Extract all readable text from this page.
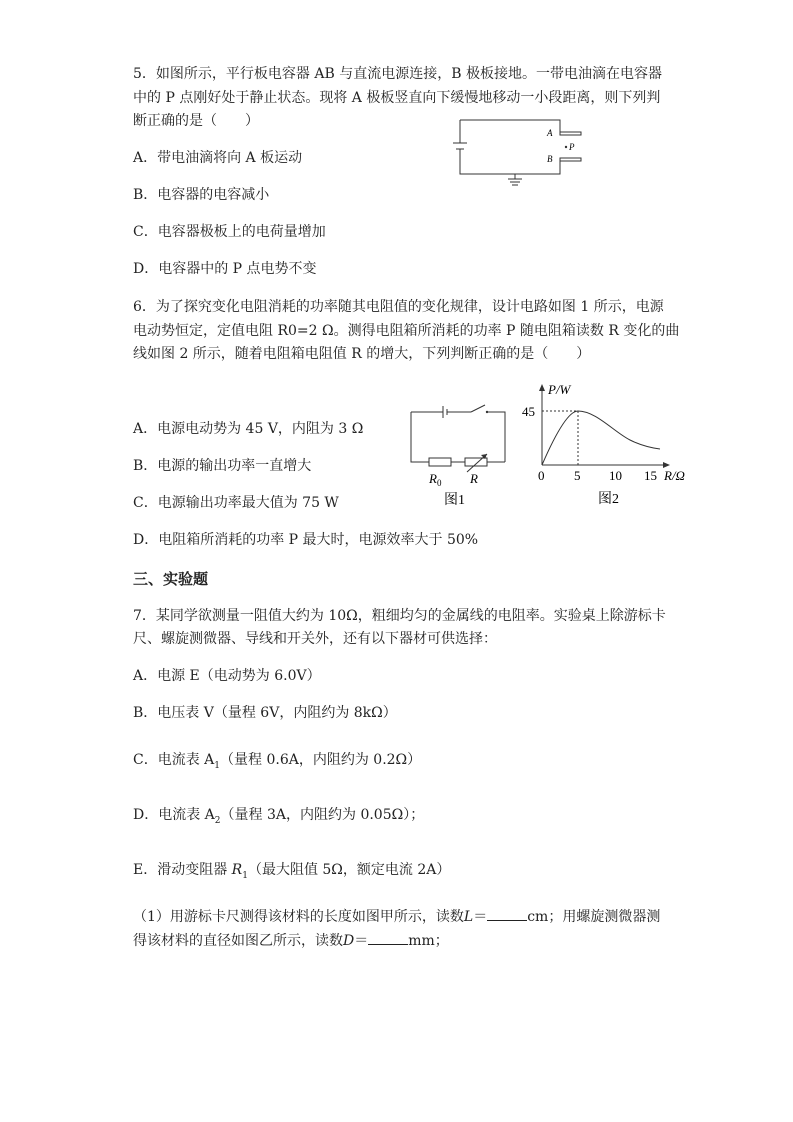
5．如图所示，平行板电容器 AB 与直流电源连接，B 极板接地。一带电油滴在电容器
中的 P 点刚好处于静止状态。现将 A 极板竖直向下缓慢地移动一小段距离，则下列判
断正确的是（　　）
A．带电油滴将向 A 板运动
B．电容器的电容减小
C．电容器极板上的电荷量增加
D．电容器中的 P 点电势不变
A
B
P
6．为了探究变化电阻消耗的功率随其电阻值的变化规律，设计电路如图 1 所示，电源
电动势恒定，定值电阻 R0=2 Ω。测得电阻箱所消耗的功率 P 随电阻箱读数 R 变化的曲
线如图 2 所示，随着电阻箱电阻值 R 的增大，下列判断正确的是（　　）
A．电源电动势为 45 V，内阻为 3 Ω
B．电源的输出功率一直增大
C．电源输出功率最大值为 75 W
D．电阻箱所消耗的功率 P 最大时，电源效率大于 50%
$R_0$ R
图1
P/W
45
0 5 10 15 R/Ω
图2
三、实验题
7．某同学欲测量一阻值大约为 10Ω，粗细均匀的金属线的电阻率。实验桌上除游标卡
尺、螺旋测微器、导线和开关外，还有以下器材可供选择：
A．电源 E（电动势为 6.0V）
B．电压表 V（量程 6V，内阻约为 8kΩ）
C．电流表 $A_1$（量程 0.6A，内阻约为 0.2Ω）
D．电流表 $A_2$（量程 3A，内阻约为 0.05Ω）；
E．滑动变阻器 $R_1$（最大阻值 5Ω，额定电流 2A）
（1）用游标卡尺测得该材料的长度如图甲所示，读数L＝	cm；用螺旋测微器测
得该材料的直径如图乙所示，读数D＝	mm；
